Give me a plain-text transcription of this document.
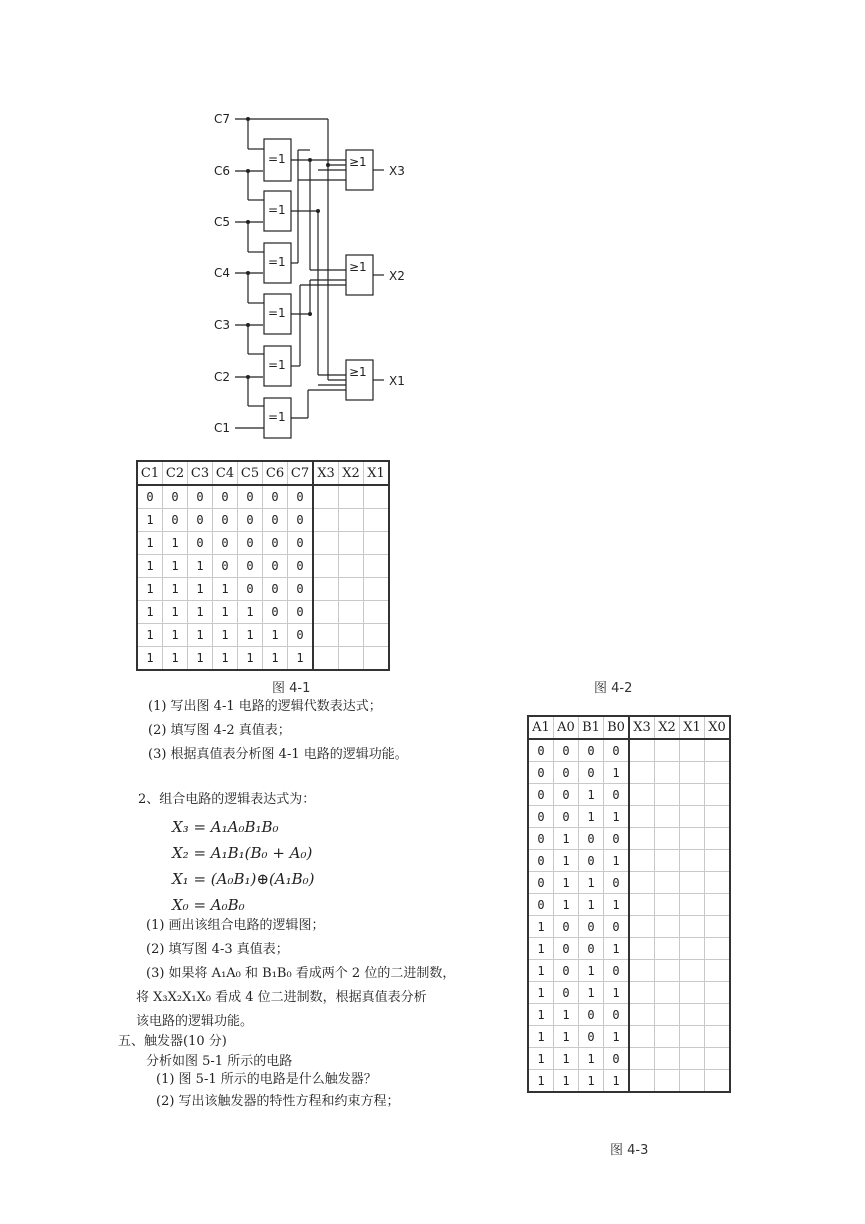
C7
C6
C5
C4
C3
C2
C1
=1
=1
=1
=1
=1
=1
≥1
≥1
≥1
X3
X2
X1
C1	C2	C3	C4	C5	C6	C7	X3	X2	X1
0	0	0	0	0	0	0			
1	0	0	0	0	0	0			
1	1	0	0	0	0	0			
1	1	1	0	0	0	0			
1	1	1	1	0	0	0			
1	1	1	1	1	0	0			
1	1	1	1	1	1	0			
1	1	1	1	1	1	1			
图 4-1	图 4-2
(1) 写出图 4-1 电路的逻辑代数表达式；
(2) 填写图 4-2 真值表；
(3) 根据真值表分析图 4-1 电路的逻辑功能。
2、组合电路的逻辑表达式为：
X₃ = A₁A₀B₁B₀
X₂ = A₁B₁(B₀ + A₀)
X₁ = (A₀B₁)⊕(A₁B₀)
X₀ = A₀B₀
(1) 画出该组合电路的逻辑图；
(2) 填写图 4-3 真值表；
(3) 如果将 A₁A₀ 和 B₁B₀ 看成两个 2 位的二进制数，
将 X₃X₂X₁X₀ 看成 4 位二进制数，根据真值表分析
该电路的逻辑功能。
五、触发器(10 分)
分析如图 5-1 所示的电路
(1) 图 5-1 所示的电路是什么触发器？
(2) 写出该触发器的特性方程和约束方程；
A1	A0	B1	B0	X3	X2	X1	X0
0	0	0	0				
0	0	0	1				
0	0	1	0				
0	0	1	1				
0	1	0	0				
0	1	0	1				
0	1	1	0				
0	1	1	1				
1	0	0	0				
1	0	0	1				
1	0	1	0				
1	0	1	1				
1	1	0	0				
1	1	0	1				
1	1	1	0				
1	1	1	1				
图 4-3
